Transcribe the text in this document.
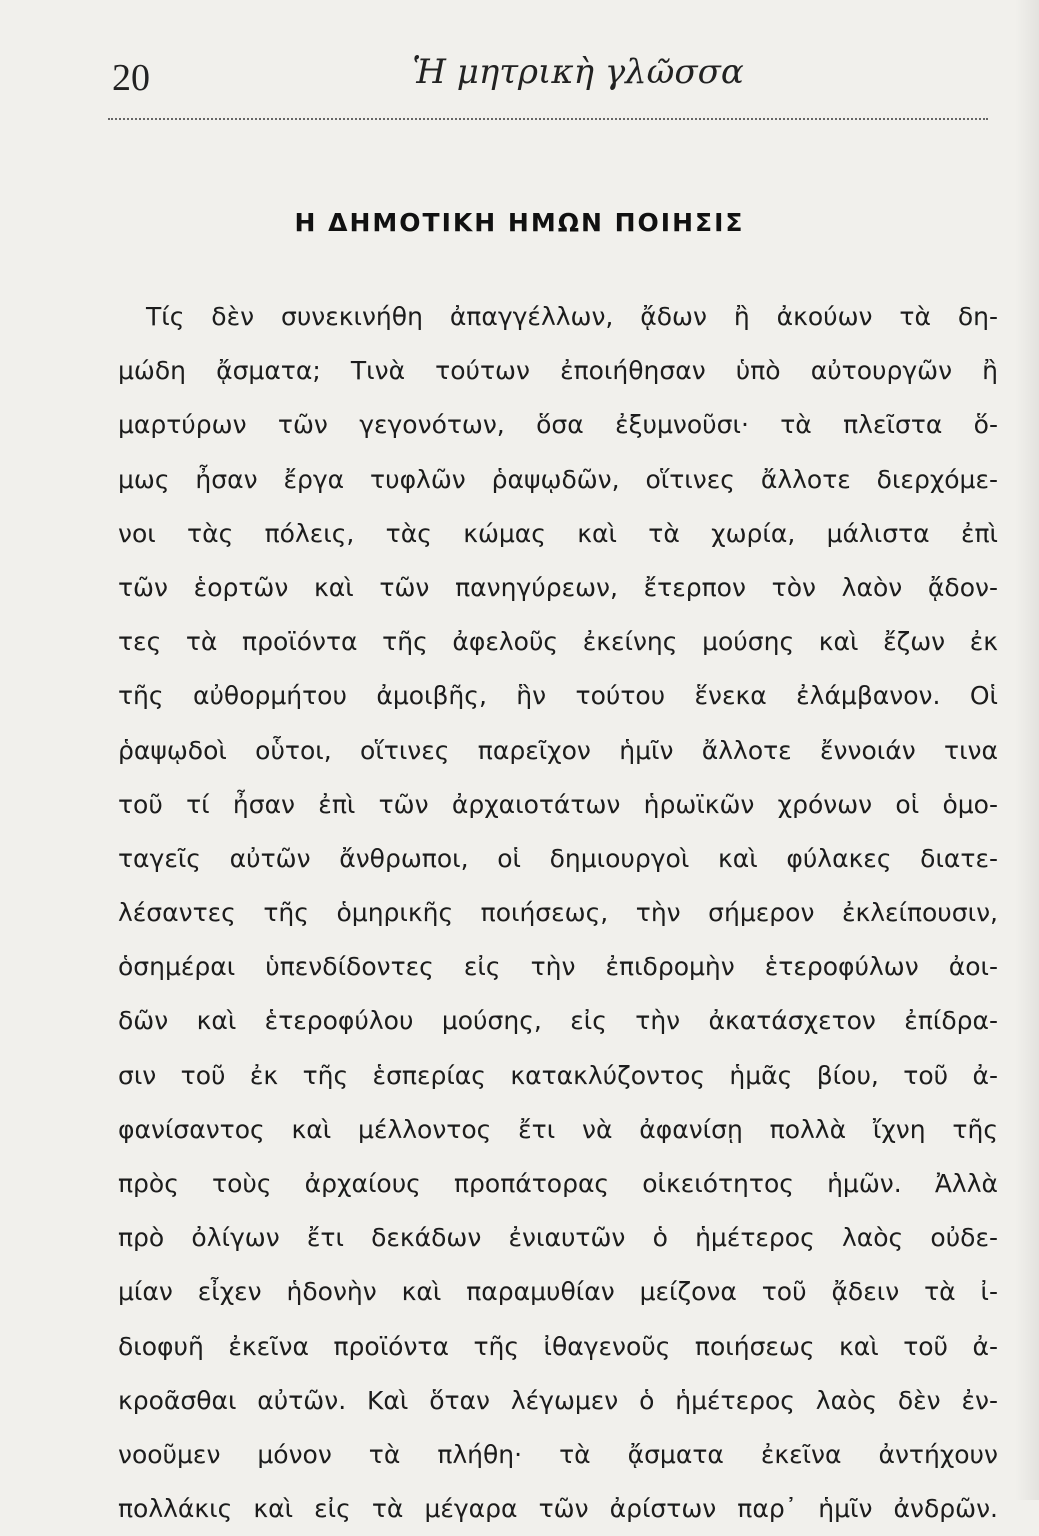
20	Ἡ μητρικὴ γλῶσσα
Η ΔΗΜΟΤΙΚΗ ΗΜΩΝ ΠΟΙΗΣΙΣ
Τίς δὲν συνεκινήθη ἀπαγγέλλων, ᾄδων ἢ ἀκούων τὰ δη-
μώδη ᾄσματα; Τινὰ τούτων ἐποιήθησαν ὑπὸ αὐτουργῶν ἢ
μαρτύρων τῶν γεγονότων, ὅσα ἐξυμνοῦσι· τὰ πλεῖστα ὅ-
μως ἦσαν ἔργα τυφλῶν ῥαψῳδῶν, οἵτινες ἄλλοτε διερχόμε-
νοι τὰς πόλεις, τὰς κώμας καὶ τὰ χωρία, μάλιστα ἐπὶ
τῶν ἑορτῶν καὶ τῶν πανηγύρεων, ἔτερπον τὸν λαὸν ᾄδον-
τες τὰ προϊόντα τῆς ἀφελοῦς ἐκείνης μούσης καὶ ἔζων ἐκ
τῆς αὐθορμήτου ἀμοιβῆς, ἣν τούτου ἕνεκα ἐλάμβανον. Οἱ
ῥαψῳδοὶ οὗτοι, οἵτινες παρεῖχον ἡμῖν ἄλλοτε ἔννοιάν τινα
τοῦ τί ἦσαν ἐπὶ τῶν ἀρχαιοτάτων ἡρωϊκῶν χρόνων οἱ ὁμο-
ταγεῖς αὐτῶν ἄνθρωποι, οἱ δημιουργοὶ καὶ φύλακες διατε-
λέσαντες τῆς ὁμηρικῆς ποιήσεως, τὴν σήμερον ἐκλείπουσιν,
ὁσημέραι ὑπενδίδοντες εἰς τὴν ἐπιδρομὴν ἑτεροφύλων ἀοι-
δῶν καὶ ἑτεροφύλου μούσης, εἰς τὴν ἀκατάσχετον ἐπίδρα-
σιν τοῦ ἐκ τῆς ἑσπερίας κατακλύζοντος ἡμᾶς βίου, τοῦ ἀ-
φανίσαντος καὶ μέλλοντος ἔτι νὰ ἀφανίσῃ πολλὰ ἴχνη τῆς
πρὸς τοὺς ἀρχαίους προπάτορας οἰκειότητος ἡμῶν. Ἀλλὰ
πρὸ ὀλίγων ἔτι δεκάδων ἐνιαυτῶν ὁ ἡμέτερος λαὸς οὐδε-
μίαν εἶχεν ἡδονὴν καὶ παραμυθίαν μείζονα τοῦ ᾄδειν τὰ ἰ-
διοφυῆ ἐκεῖνα προϊόντα τῆς ἰθαγενοῦς ποιήσεως καὶ τοῦ ἀ-
κροᾶσθαι αὐτῶν. Καὶ ὅταν λέγωμεν ὁ ἡμέτερος λαὸς δὲν ἐν-
νοοῦμεν μόνον τὰ πλήθη· τὰ ᾄσματα ἐκεῖνα ἀντήχουν
πολλάκις καὶ εἰς τὰ μέγαρα τῶν ἀρίστων παρ᾽ ἡμῖν ἀνδρῶν.
